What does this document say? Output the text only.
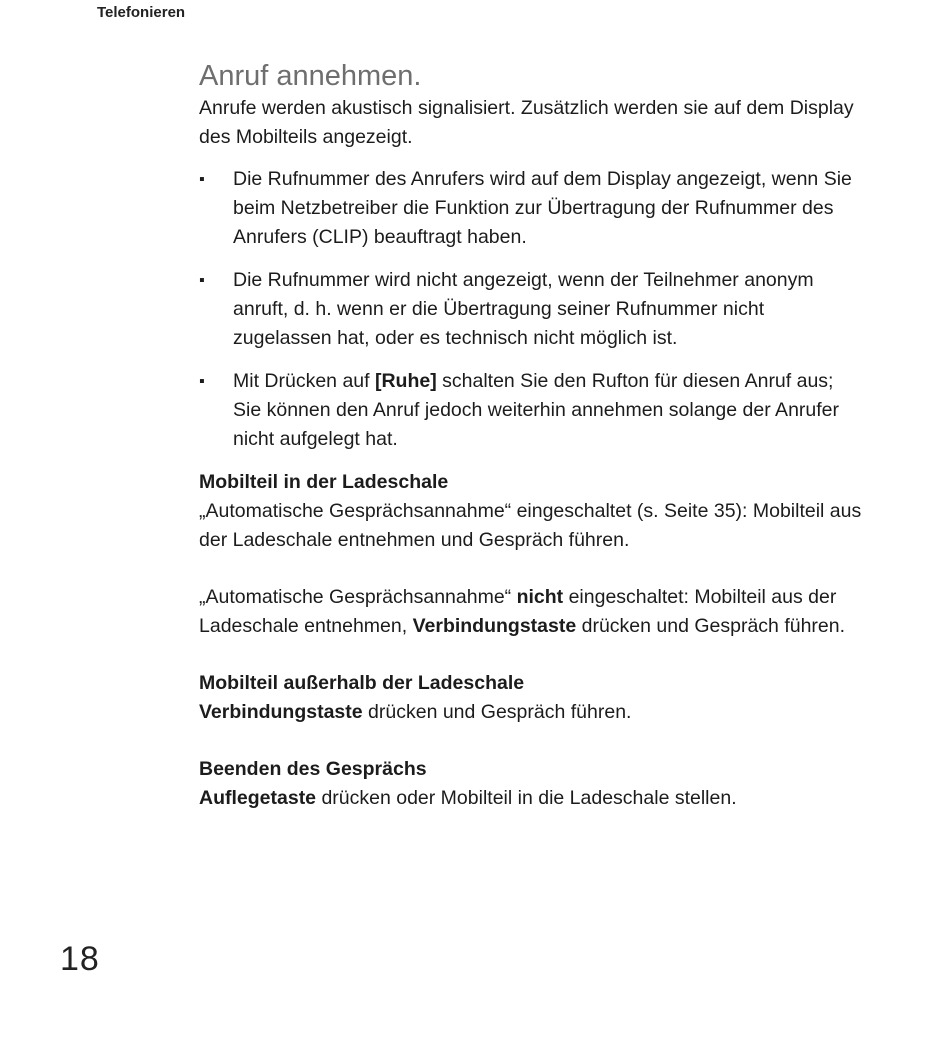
Telefonieren
Anruf annehmen.

Anrufe werden akustisch signalisiert. Zusätzlich werden sie auf dem Display des Mobilteils angezeigt.

▪ Die Rufnummer des Anrufers wird auf dem Display angezeigt, wenn Sie beim Netzbetreiber die Funktion zur Übertragung der Rufnummer des Anrufers (CLIP) beauftragt haben.
▪ Die Rufnummer wird nicht angezeigt, wenn der Teilnehmer anonym anruft, d. h. wenn er die Übertragung seiner Rufnummer nicht zugelassen hat, oder es technisch nicht möglich ist.
▪ Mit Drücken auf [Ruhe] schalten Sie den Rufton für diesen Anruf aus; Sie können den Anruf jedoch weiterhin annehmen solange der Anrufer nicht aufgelegt hat.

Mobilteil in der Ladeschale

„Automatische Gesprächsannahme“ eingeschaltet (s. Seite 35): Mobilteil aus der Ladeschale entnehmen und Gespräch führen.

„Automatische Gesprächsannahme“ nicht eingeschaltet: Mobilteil aus der Ladeschale entnehmen, Verbindungstaste drücken und Gespräch führen.

Mobilteil außerhalb der Ladeschale

Verbindungstaste drücken und Gespräch führen.

Beenden des Gesprächs

Auflegetaste drücken oder Mobilteil in die Ladeschale stellen.

18
